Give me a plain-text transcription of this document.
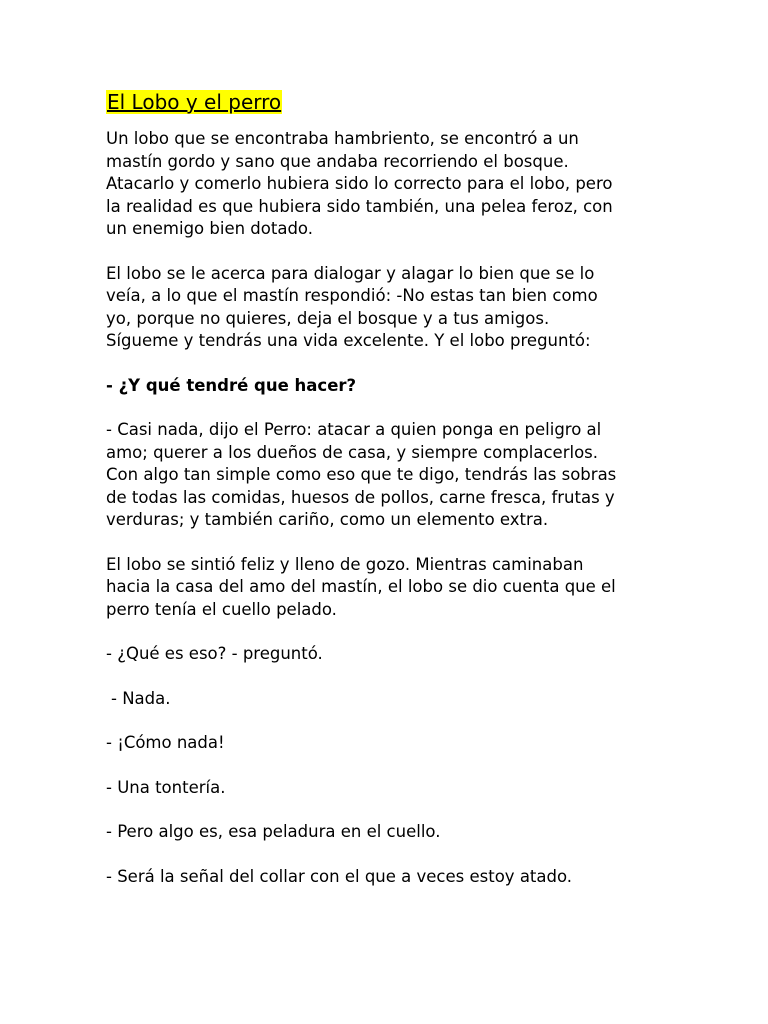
El Lobo y el perro
Un lobo que se encontraba hambriento, se encontró a un
mastín gordo y sano que andaba recorriendo el bosque.
Atacarlo y comerlo hubiera sido lo correcto para el lobo, pero
la realidad es que hubiera sido también, una pelea feroz, con
un enemigo bien dotado.
El lobo se le acerca para dialogar y alagar lo bien que se lo
veía, a lo que el mastín respondió: -No estas tan bien como
yo, porque no quieres, deja el bosque y a tus amigos.
Sígueme y tendrás una vida excelente. Y el lobo preguntó:
- ¿Y qué tendré que hacer?
- Casi nada, dijo el Perro: atacar a quien ponga en peligro al
amo; querer a los dueños de casa, y siempre complacerlos.
Con algo tan simple como eso que te digo, tendrás las sobras
de todas las comidas, huesos de pollos, carne fresca, frutas y
verduras; y también cariño, como un elemento extra.
El lobo se sintió feliz y lleno de gozo. Mientras caminaban
hacia la casa del amo del mastín, el lobo se dio cuenta que el
perro tenía el cuello pelado.
- ¿Qué es eso? - preguntó.
- Nada.
- ¡Cómo nada!
- Una tontería.
- Pero algo es, esa peladura en el cuello.
- Será la señal del collar con el que a veces estoy atado.
